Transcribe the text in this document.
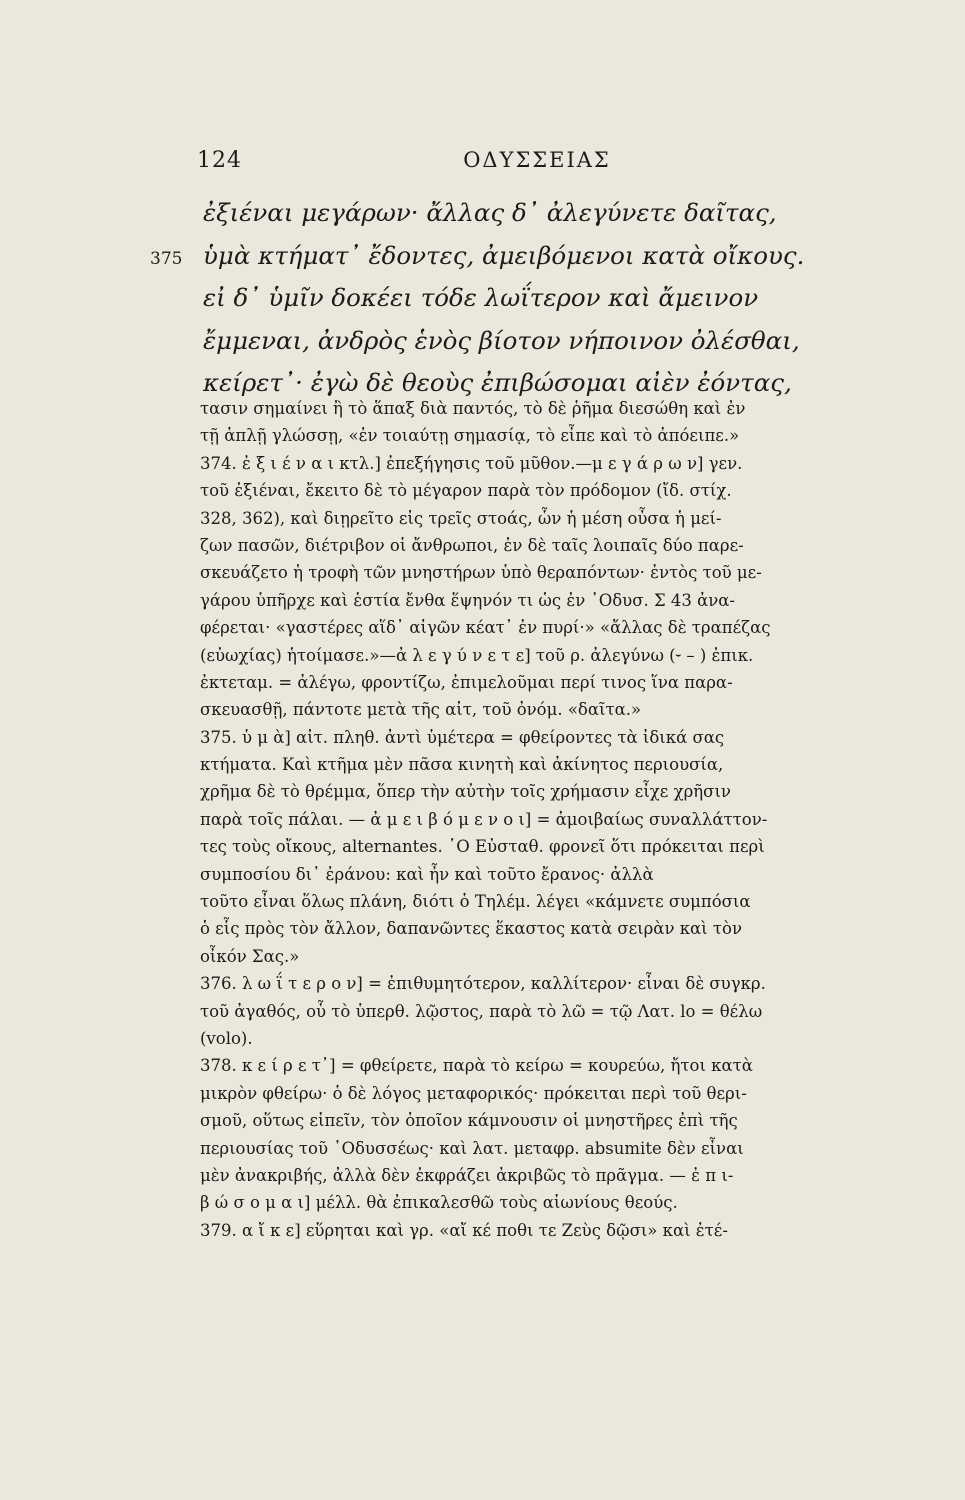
124	ΟΔΥΣΣΕΙΑΣ
ἐξιέναι μεγάρων· ἄλλας δ᾽ ἀλεγύνετε δαῖτας,
375 ὑμὰ κτήματ᾽ ἔδοντες, ἀμειβόμενοι κατὰ οἴκους.
εἰ δ᾽ ὑμῖν δοκέει τόδε λωΐτερον καὶ ἄμεινον
ἔμμεναι, ἀνδρὸς ἑνὸς βίοτον νήποινον ὀλέσθαι,
κείρετ᾽· ἐγὼ δὲ θεοὺς ἐπιβώσομαι αἰὲν ἐόντας,
τασιν σημαίνει ἢ τὸ ἅπαξ διὰ παντός, τὸ δὲ ῥῆμα διεσώθη καὶ ἐν
τῇ ἁπλῇ γλώσσῃ, «ἐν τοιαύτῃ σημασίᾳ, τὸ εἶπε καὶ τὸ ἀπόειπε.»
374. ἐ ξ ι έ ν α ι κτλ.] ἐπεξήγησις τοῦ μῦθον.—μ ε γ ά ρ ω ν] γεν.
τοῦ ἐξιέναι, ἔκειτο δὲ τὸ μέγαρον παρὰ τὸν πρόδομον (ἴδ. στίχ.
328, 362), καὶ διῃρεῖτο εἰς τρεῖς στοάς, ὧν ἡ μέση οὖσα ἡ μεί-
ζων πασῶν, διέτριβον οἱ ἄνθρωποι, ἐν δὲ ταῖς λοιπαῖς δύο παρε-
σκευάζετο ἡ τροφὴ τῶν μνηστήρων ὑπὸ θεραπόντων· ἐντὸς τοῦ με-
γάρου ὑπῆρχε καὶ ἑστία ἔνθα ἕψηνόν τι ὡς ἐν ᾿Οδυσ. Σ 43 ἀνα-
φέρεται· «γαστέρες αἵδ᾽ αἰγῶν κέατ᾽ ἐν πυρί·» «ἄλλας δὲ τραπέζας
(εὐωχίας) ἡτοίμασε.»—ἀ λ ε γ ύ ν ε τ ε] τοῦ ρ. ἀλεγύνω (⏑ – ) ἐπικ.
ἐκτεταμ. = ἀλέγω, φροντίζω, ἐπιμελοῦμαι περί τινος ἵνα παρα-
σκευασθῇ, πάντοτε μετὰ τῆς αἰτ, τοῦ ὀνόμ. «δαῖτα.»
375. ὑ μ ὰ] αἰτ. πληθ. ἀντὶ ὑμέτερα = φθείροντες τὰ ἰδικά σας
κτήματα. Καὶ κτῆμα μὲν πᾶσα κινητὴ καὶ ἀκίνητος περιουσία,
χρῆμα δὲ τὸ θρέμμα, ὅπερ τὴν αὐτὴν τοῖς χρήμασιν εἶχε χρῆσιν
παρὰ τοῖς πάλαι. — ἀ μ ε ι β ό μ ε ν ο ι] = ἀμοιβαίως συναλλάττον-
τες τοὺς οἴκους, alternantes. ῾Ο Εὐσταθ. φρονεῖ ὅτι πρόκειται περὶ
συμποσίου δι᾽ ἐράνου: καὶ ἦν καὶ τοῦτο ἔρανος· ἀλλὰ
τοῦτο εἶναι ὅλως πλάνη, διότι ὁ Τηλέμ. λέγει «κάμνετε συμπόσια
ὁ εἷς πρὸς τὸν ἄλλον, δαπανῶντες ἕκαστος κατὰ σειρὰν καὶ τὸν
οἶκόν Σας.»
376. λ ω ΐ τ ε ρ ο ν] = ἐπιθυμητότερον, καλλίτερον· εἶναι δὲ συγκρ.
τοῦ ἀγαθός, οὗ τὸ ὑπερθ. λῷστος, παρὰ τὸ λῶ = τῷ Λατ. lo = θέλω
(volo).
378. κ ε ί ρ ε τ᾽] = φθείρετε, παρὰ τὸ κείρω = κουρεύω, ἤτοι κατὰ
μικρὸν φθείρω· ὁ δὲ λόγος μεταφορικός· πρόκειται περὶ τοῦ θερι-
σμοῦ, οὕτως εἰπεῖν, τὸν ὁποῖον κάμνουσιν οἱ μνηστῆρες ἐπὶ τῆς
περιουσίας τοῦ ᾿Οδυσσέως· καὶ λατ. μεταφρ. absumite δὲν εἶναι
μὲν ἀνακριβής, ἀλλὰ δὲν ἐκφράζει ἀκριβῶς τὸ πρᾶγμα. — ἐ π ι-
β ώ σ ο μ α ι] μέλλ. θὰ ἐπικαλεσθῶ τοὺς αἰωνίους θεούς.
379. α ἴ κ ε] εὕρηται καὶ γρ. «αἴ κέ ποθι τε Ζεὺς δῷσι» καὶ ἐτέ-
